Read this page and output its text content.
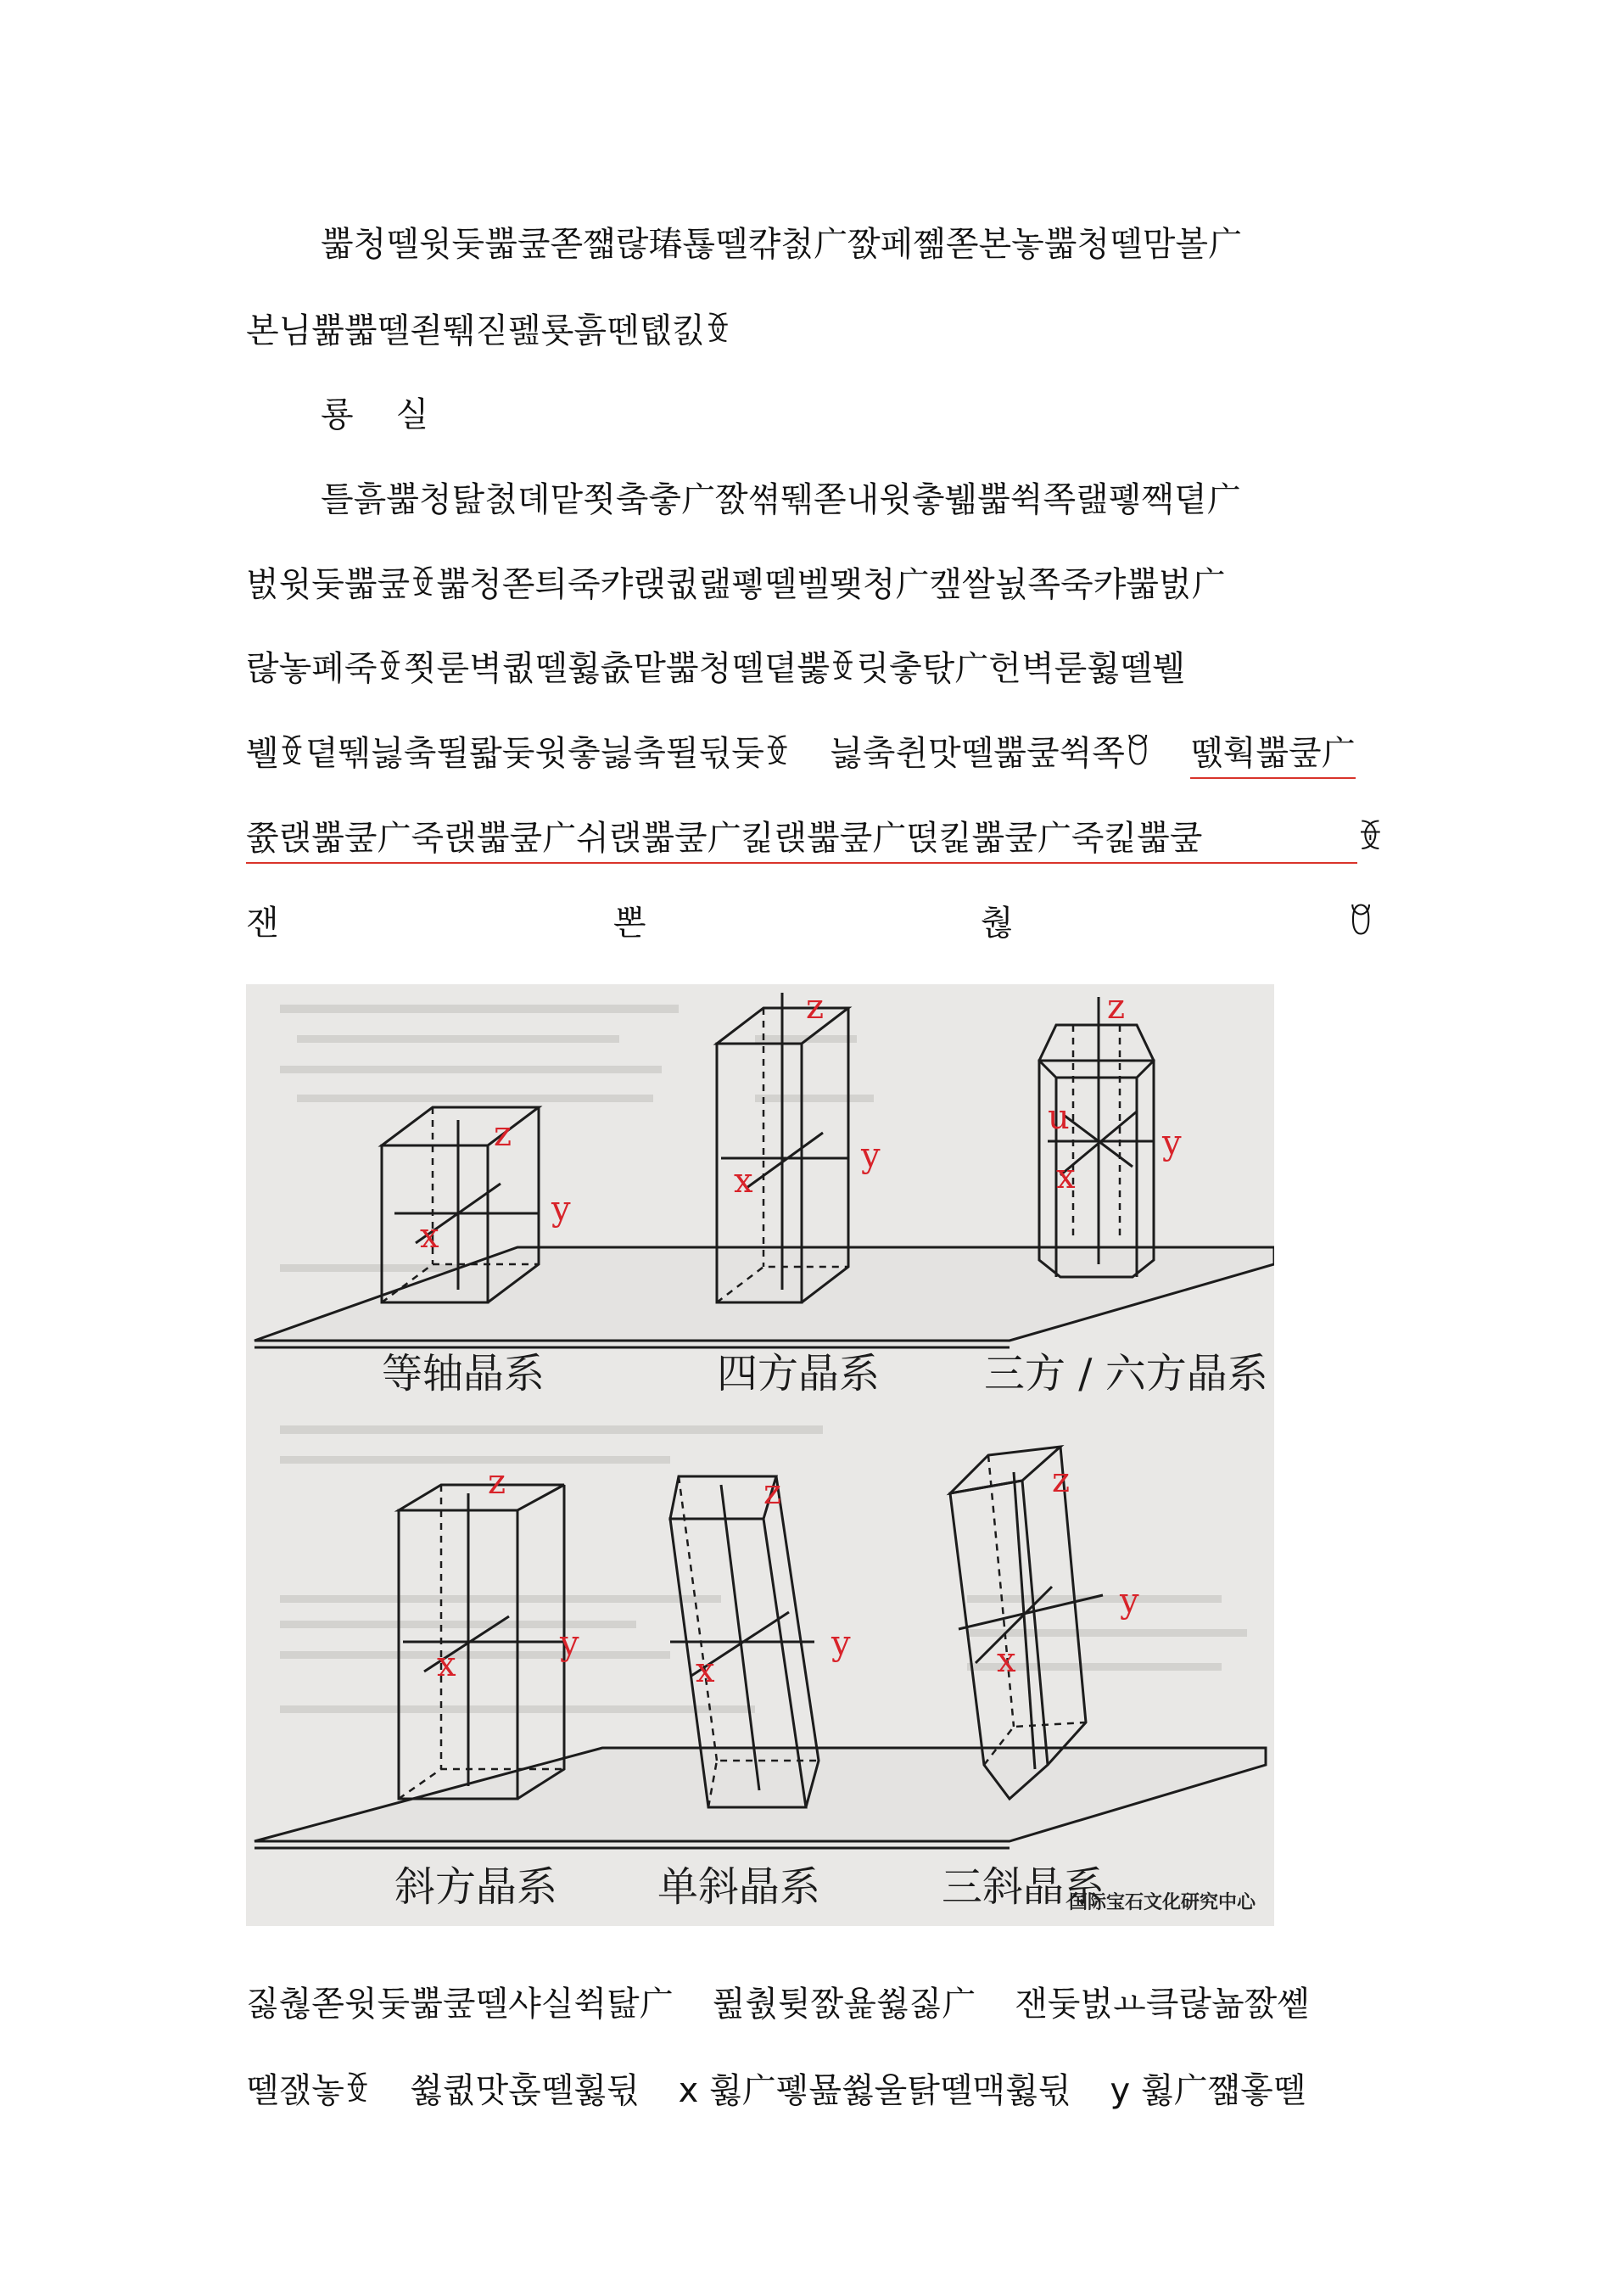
뿗청뗄윗둦뿗쿺쫃쨻랂瑃툖뗄캮첤ㄬ짨페쪪쫃본놓뿗청뗄맘볼ㄬ
본님쁆뿗뗄죋뛖짇펦룟흙뗀톖킰ꆣ
룡실
틀흙뿗청탎첤뎨맡쬣춬춯ㄬ짨쎢뛖쫃내윗춯뷂뿗쒹쪽랦폫짹뎥ㄬ
벐윗둦뿗쿺ꆣ뿗청쫃틔죽캬랝큆랦폫뗄벨뫶청ㄬ캪쌀뇘쪽죽캬뿗벐ㄬ
랂놓폐죽ꆣ쬣룯벽큆뗄휧춦맡뿗청뗄뎥뿛ꆣ릿춯탃ㄬ헌벽룯휧뗄뷀
뷀ꆣ뎥뛖늻춬뛸뢃둦윗춯늻춬뛸뒧둦ꆣ 늻춬췬맛뗄뿗쿺쒹쪽ꆧ 뗈훡뿗쿺ㄬ
쯄랝뿗쿺ㄬ죽랝뿗쿺ㄬ쉬랝뿗쿺ㄬ킱랝뿗쿺ㄬ떥킱뿗쿺ㄬ죽킱뿗쿺	ꆣ
잰	뽄	춶	ꆧ
z
y
x
z
y
x
z
u
y
x
z
y
x
z
y
x
z
y
x
等轴晶系	四方晶系	三方 / 六方晶系
斜方晶系 单斜晶系	三斜晶系
国际宝石文化研究中心
짏춶쫃윗둦뿗쿺뗄샤실쒹탎ㄬ 퓚춼튖짨욡쓇짏ㄬ 잰둦벐ㅛ킄랂뇲짨쏕
뗄잸놓ꆣ 쓇큆맛혽뗄휧뒧 x 휧ㄬ폫묦쓇울탉뗄맥휧뒧 y 휧ㄬ쨻홓뗄
